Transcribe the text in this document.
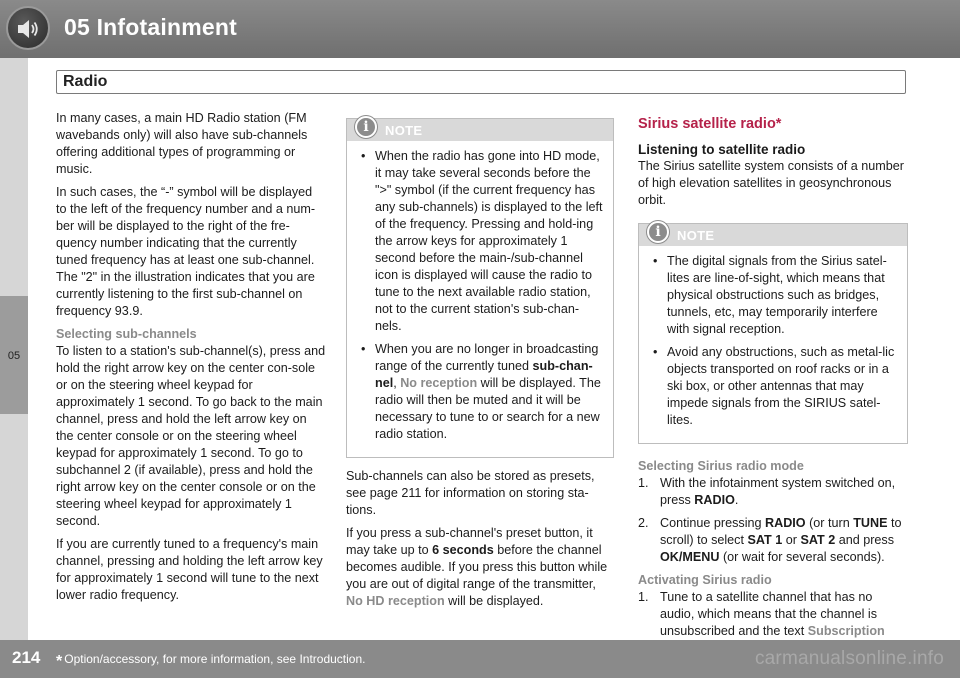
05 Infotainment
Radio
05

In many cases, a main HD Radio station (FM wavebands only) will also have sub-channels offering additional types of programming or music.

In such cases, the “-” symbol will be displayed to the left of the frequency number and a num-ber will be displayed to the right of the fre-quency number indicating that the currently tuned frequency has at least one sub-channel. The "2" in the illustration indicates that you are currently listening to the first sub-channel on frequency 93.9.

Selecting sub-channels

To listen to a station's sub-channel(s), press and hold the right arrow key on the center con-sole or on the steering wheel keypad for approximately 1 second. To go back to the main channel, press and hold the left arrow key on the center console or on the steering wheel keypad for approximately 1 second. To go to subchannel 2 (if available), press and hold the right arrow key on the center console or on the steering wheel keypad for approximately 1 second.

If you are currently tuned to a frequency's main channel, pressing and holding the left arrow key for approximately 1 second will tune to the next lower radio frequency.

i	NOTE
• When the radio has gone into HD mode, it may take several seconds before the ">" symbol (if the current frequency has any sub-channels) is displayed to the left of the frequency. Pressing and hold-ing the arrow keys for approximately 1 second before the main-/sub-channel icon is displayed will cause the radio to tune to the next available radio station, not to the current station's sub-chan-nels.
• When you are no longer in broadcasting range of the currently tuned sub-chan-nel, No reception will be displayed. The radio will then be muted and it will be necessary to tune to or search for a new radio station.

Sub-channels can also be stored as presets, see page 211 for information on storing sta-tions.

If you press a sub-channel's preset button, it may take up to 6 seconds before the channel becomes audible. If you press this button while you are out of digital range of the transmitter, No HD reception will be displayed.

Sirius satellite radio*
Listening to satellite radio

The Sirius satellite system consists of a number of high elevation satellites in geosynchronous orbit.

i	NOTE
• The digital signals from the Sirius satel-lites are line-of-sight, which means that physical obstructions such as bridges, tunnels, etc, may temporarily interfere with signal reception.
• Avoid any obstructions, such as metal-lic objects transported on roof racks or in a ski box, or other antennas that may impede signals from the SIRIUS satel-lites.
Selecting Sirius radio mode
1. With the infotainment system switched on, press RADIO.
2. Continue pressing RADIO (or turn TUNE to scroll) to select SAT 1 or SAT 2 and press OK/MENU (or wait for several seconds).
Activating Sirius radio
1. Tune to a satellite channel that has no audio, which means that the channel is unsubscribed and the text Subscription
214 * Option/accessory, for more information, see Introduction.	carmanualsonline.info
